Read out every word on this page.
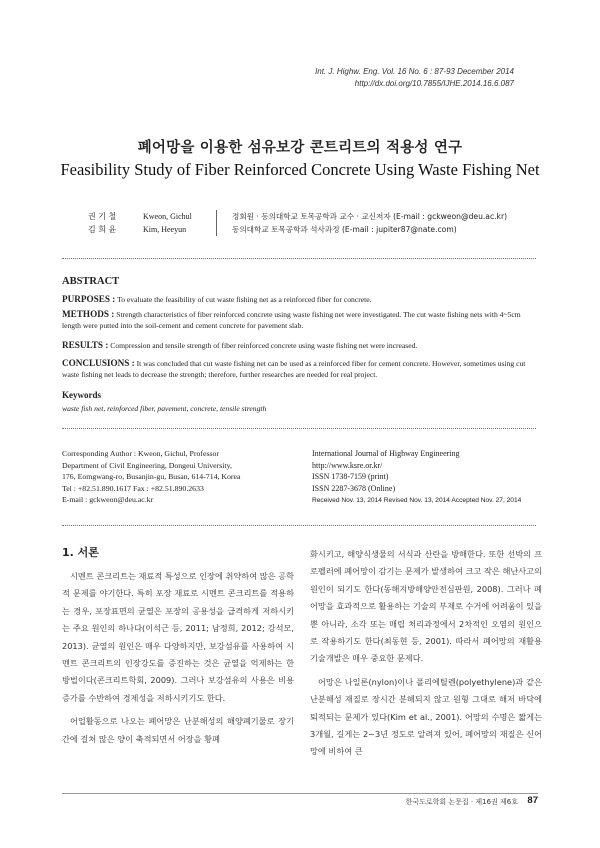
Int. J. Highw. Eng. Vol. 16 No. 6 : 87-93 December 2014
http://dx.doi.org/10.7855/IJHE.2014.16.6.087
폐어망을 이용한 섬유보강 콘트리트의 적용성 연구
Feasibility Study of Fiber Reinforced Concrete Using Waste Fishing Net
권 기 철
김 희 윤
Kweon, Gichul
Kim, Heeyun
정회원 · 동의대학교 토목공학과 교수 · 교신저자 (E-mail : gckweon@deu.ac.kr)
동의대학교 토목공학과 석사과정 (E-mail : jupiter87@nate.com)
ABSTRACT
PURPOSES : To evaluate the feasibility of cut waste fishing net as a reinforced fiber for concrete.
METHODS : Strength characteristics of fiber reinforced concrete using waste fishing net were investigated. The cut waste fishing nets with 4~5cm length were putted into the soil-cement and cement concrete for pavement slab.
RESULTS : Compression and tensile strength of fiber reinforced concrete using waste fishing net were increased.
CONCLUSIONS : It was concluded that cut waste fishing net can be used as a reinforced fiber for cement concrete. However, sometimes using cut waste fishing net leads to decrease the strength; therefore, further researches are needed for real project.
Keywords
waste fish net, reinforced fiber, pavement, concrete, tensile strength
Corresponding Author : Kweon, Gichul, Professor
Department of Civil Engineering, Dongeui University,
176, Eomgwang-ro, Busanjin-gu, Busan, 614-714, Korea
Tel : +82.51.890.1617 Fax : +82.51.890.2633
E-mail : gckweon@deu.ac.kr
International Journal of Highway Engineering
http://www.ksre.or.kr/
ISSN 1738-7159 (print)
ISSN 2287-3678 (Online)
Received Nov. 13, 2014 Revised Nov. 13, 2014 Accepted Nov. 27, 2014
1. 서론

시멘트 콘크리트는 재료적 특성으로 인장에 취약하여 많은 공학적 문제를 야기한다. 특히 포장 재료로 시멘트 콘크리트를 적용하는 경우, 포장표면의 균열은 포장의 공용성을 급격하게 저하시키는 주요 원인의 하나다(이석근 등, 2011; 남정희, 2012; 강석모, 2013). 균열의 원인은 매우 다양하지만, 보강섬유를 사용하여 시멘트 콘크리트의 인장강도를 증진하는 것은 균열을 억제하는 한 방법이다(콘크리트학회, 2009). 그러나 보강섬유의 사용은 비용 증가를 수반하여 경제성을 저하시키기도 한다.

어업활동으로 나오는 폐어망은 난분해성의 해양폐기물로 장기간에 걸쳐 많은 양이 축적되면서 어장을 황폐

화시키고, 해양식생물의 서식과 산란을 방해한다. 또한 선박의 프로펠러에 폐어망이 감기는 문제가 발생하여 크고 작은 해난사고의 원인이 되기도 한다(동해지방해양안전심판원, 2008). 그러나 폐어망을 효과적으로 활용하는 기술의 부재로 수거에 어려움이 있을 뿐 아니라, 소각 또는 매립 처리과정에서 2차적인 오염의 원인으로 작용하기도 한다(최동현 등, 2001). 따라서 폐어망의 재활용 기술개발은 매우 중요한 문제다.

어망은 나일론(nylon)이나 폴리에틸렌(polyethylene)과 같은 난분해성 재질로 장시간 분해되지 않고 원형 그대로 해저 바닥에 퇴적되는 문제가 있다(Kim et al., 2001). 어망의 수명은 짧게는 3개월, 길게는 2~3년 정도로 알려져 있어, 폐어망의 재질은 신어망에 비하여 큰

한국도로학회 논문집 · 제16권 제6호 87
